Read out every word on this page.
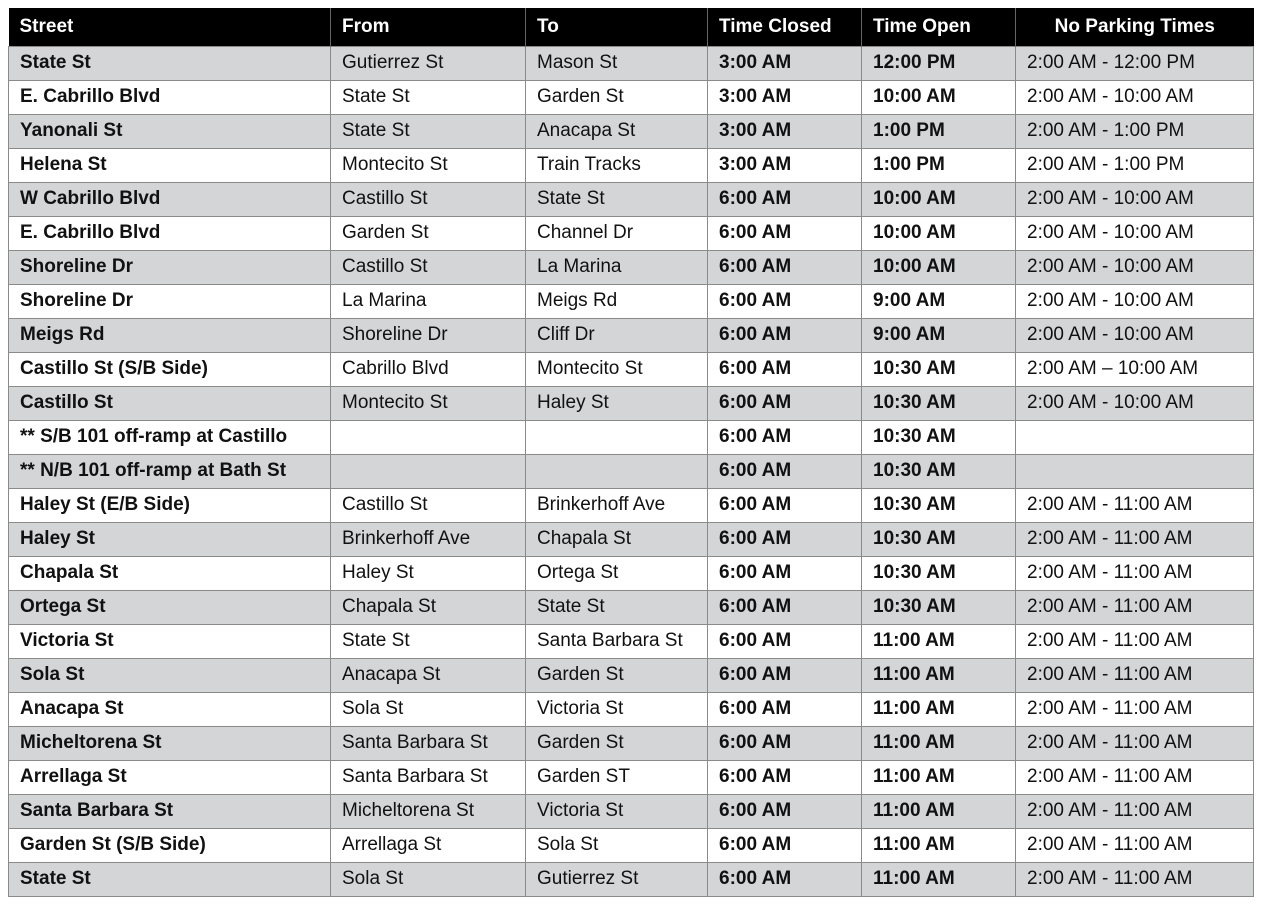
Street	From	To	Time Closed	Time Open	No Parking Times
State St	Gutierrez St	Mason St	3:00 AM	12:00 PM	2:00 AM - 12:00 PM
E. Cabrillo Blvd	State St	Garden St	3:00 AM	10:00 AM	2:00 AM - 10:00 AM
Yanonali St	State St	Anacapa St	3:00 AM	1:00 PM	2:00 AM - 1:00 PM
Helena St	Montecito St	Train Tracks	3:00 AM	1:00 PM	2:00 AM - 1:00 PM
W Cabrillo Blvd	Castillo St	State St	6:00 AM	10:00 AM	2:00 AM - 10:00 AM
E. Cabrillo Blvd	Garden St	Channel Dr	6:00 AM	10:00 AM	2:00 AM - 10:00 AM
Shoreline Dr	Castillo St	La Marina	6:00 AM	10:00 AM	2:00 AM - 10:00 AM
Shoreline Dr	La Marina	Meigs Rd	6:00 AM	9:00 AM	2:00 AM - 10:00 AM
Meigs Rd	Shoreline Dr	Cliff Dr	6:00 AM	9:00 AM	2:00 AM - 10:00 AM
Castillo St (S/B Side)	Cabrillo Blvd	Montecito St	6:00 AM	10:30 AM	2:00 AM – 10:00 AM
Castillo St	Montecito St	Haley St	6:00 AM	10:30 AM	2:00 AM - 10:00 AM
** S/B 101 off-ramp at Castillo			6:00 AM	10:30 AM	
** N/B 101 off-ramp at Bath St			6:00 AM	10:30 AM	
Haley St (E/B Side)	Castillo St	Brinkerhoff Ave	6:00 AM	10:30 AM	2:00 AM - 11:00 AM
Haley St	Brinkerhoff Ave	Chapala St	6:00 AM	10:30 AM	2:00 AM - 11:00 AM
Chapala St	Haley St	Ortega St	6:00 AM	10:30 AM	2:00 AM - 11:00 AM
Ortega St	Chapala St	State St	6:00 AM	10:30 AM	2:00 AM - 11:00 AM
Victoria St	State St	Santa Barbara St	6:00 AM	11:00 AM	2:00 AM - 11:00 AM
Sola St	Anacapa St	Garden St	6:00 AM	11:00 AM	2:00 AM - 11:00 AM
Anacapa St	Sola St	Victoria St	6:00 AM	11:00 AM	2:00 AM - 11:00 AM
Micheltorena St	Santa Barbara St	Garden St	6:00 AM	11:00 AM	2:00 AM - 11:00 AM
Arrellaga St	Santa Barbara St	Garden ST	6:00 AM	11:00 AM	2:00 AM - 11:00 AM
Santa Barbara St	Micheltorena St	Victoria St	6:00 AM	11:00 AM	2:00 AM - 11:00 AM
Garden St (S/B Side)	Arrellaga St	Sola St	6:00 AM	11:00 AM	2:00 AM - 11:00 AM
State St	Sola St	Gutierrez St	6:00 AM	11:00 AM	2:00 AM - 11:00 AM
